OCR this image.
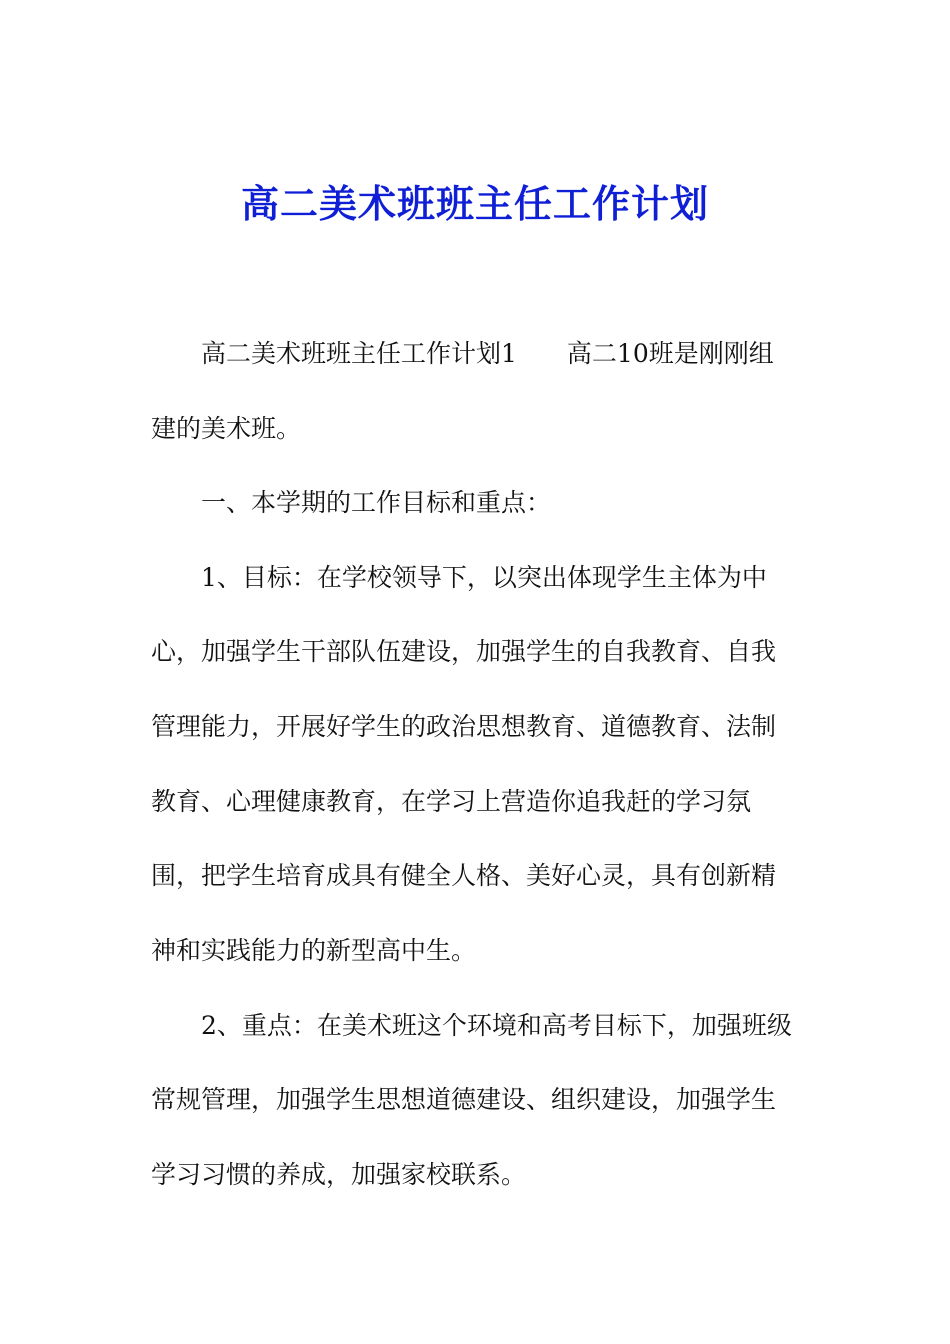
高二美术班班主任工作计划
高二美术班班主任工作计划1　　高二10班是刚刚组
建的美术班。
一、本学期的工作目标和重点：
1、目标：在学校领导下，以突出体现学生主体为中
心，加强学生干部队伍建设，加强学生的自我教育、自我
管理能力，开展好学生的政治思想教育、道德教育、法制
教育、心理健康教育，在学习上营造你追我赶的学习氛
围，把学生培育成具有健全人格、美好心灵，具有创新精
神和实践能力的新型高中生。
2、重点：在美术班这个环境和高考目标下，加强班级
常规管理，加强学生思想道德建设、组织建设，加强学生
学习习惯的养成，加强家校联系。
